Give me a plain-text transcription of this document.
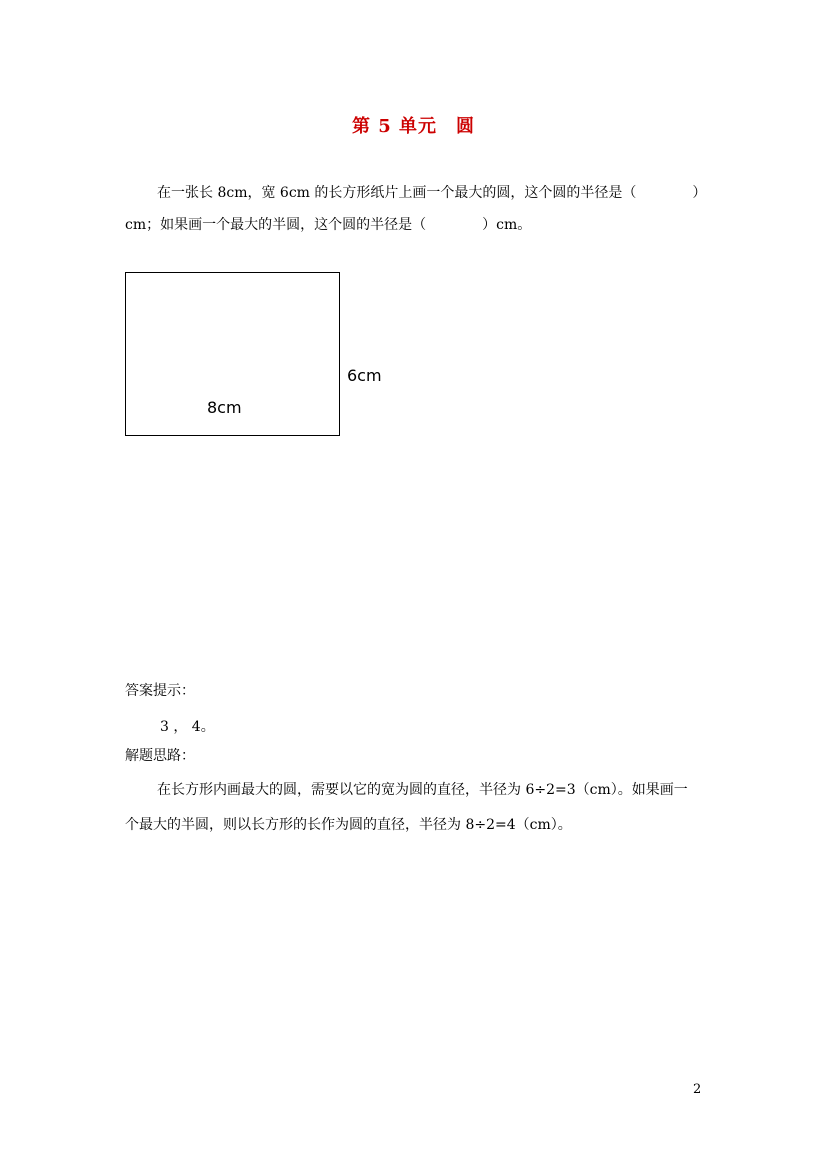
第 5 单元　圆
在一张长 8cm，宽 6cm 的长方形纸片上画一个最大的圆，这个圆的半径是（　　　　）
cm；如果画一个最大的半圆，这个圆的半径是（　　　　）cm。
8cm
6cm
答案提示：
3 ， 4。
解题思路：
在长方形内画最大的圆，需要以它的宽为圆的直径，半径为 6÷2=3（cm）。如果画一
个最大的半圆，则以长方形的长作为圆的直径，半径为 8÷2=4（cm）。
2
